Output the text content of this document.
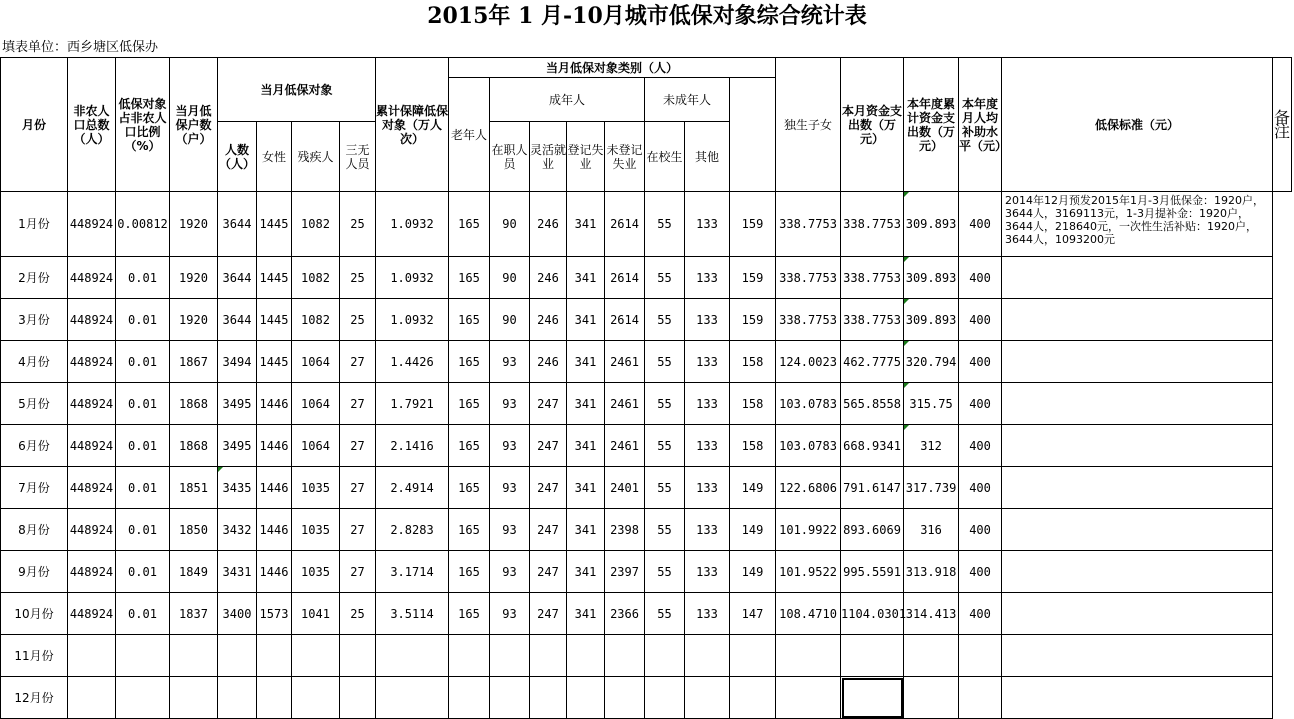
2015年 1 月-10月城市低保对象综合统计表
填表单位：西乡塘区低保办
月份	非农人口总数（人）	低保对象占非农人口比例（%）	当月低保户数（户）	当月低保对象				累计保障低保对象（万人次）	当月低保对象类别（人）								独生子女	本月资金支出数（万元）	本年度累计资金支出数（万元）	本年度月人均补助水平（元）	低保标准（元）	备注
									老年人	成年人				未成年人								
				人数（人）	女性	残疾人	三无人员			在职人员	灵活就业	登记失业	未登记失业	在校生	其他							
1月份	448924	0.00812	1920	3644	1445	1082	25	1.0932	165	90	246	341	2614	55	133	159	338.7753	338.7753	309.893	400	2014年12月预发2015年1月-3月低保金：1920户，3644人，3169113元，1-3月提补金：1920户，3644人，218640元，一次性生活补贴：1920户，3644人，1093200元	
2月份	448924	0.01	1920	3644	1445	1082	25	1.0932	165	90	246	341	2614	55	133	159	338.7753	338.7753	309.893	400		
3月份	448924	0.01	1920	3644	1445	1082	25	1.0932	165	90	246	341	2614	55	133	159	338.7753	338.7753	309.893	400		
4月份	448924	0.01	1867	3494	1445	1064	27	1.4426	165	93	246	341	2461	55	133	158	124.0023	462.7775	320.794	400		
5月份	448924	0.01	1868	3495	1446	1064	27	1.7921	165	93	247	341	2461	55	133	158	103.0783	565.8558	315.75	400		
6月份	448924	0.01	1868	3495	1446	1064	27	2.1416	165	93	247	341	2461	55	133	158	103.0783	668.9341	312	400		
7月份	448924	0.01	1851	3435	1446	1035	27	2.4914	165	93	247	341	2401	55	133	149	122.6806	791.6147	317.739	400		
8月份	448924	0.01	1850	3432	1446	1035	27	2.8283	165	93	247	341	2398	55	133	149	101.9922	893.6069	316	400		
9月份	448924	0.01	1849	3431	1446	1035	27	3.1714	165	93	247	341	2397	55	133	149	101.9522	995.5591	313.918	400		
10月份	448924	0.01	1837	3400	1573	1041	25	3.5114	165	93	247	341	2366	55	133	147	108.4710	1104.0301	314.413	400		
11月份																						
12月份																						
